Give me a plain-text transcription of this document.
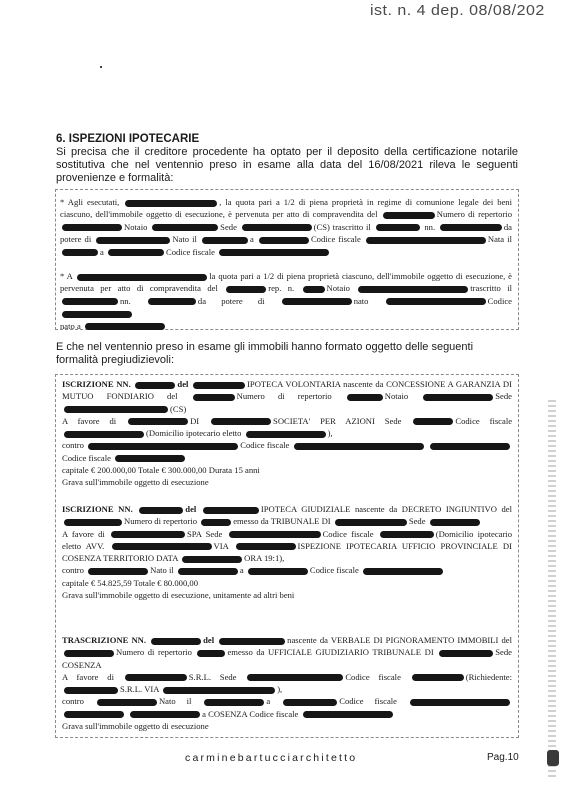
ist. n. 4 dep. 08/08/202
6. ISPEZIONI IPOTECARIE
Si precisa che il creditore procedente ha optato per il deposito della certificazione notarile sostitutiva che nel ventennio preso in esame alla data del 16/08/2021 rileva le seguenti provenienze e formalità:
* Agli esecutati,	, la quota pari a 1/2 di piena proprietà in regime di comunione legale dei beni ciascuno, dell'immobile oggetto di esecuzione, è pervenuta per atto di compravendita del	Numero di repertorio Notaio	Sede	(CS) trascritto il	nn.	da potere di	Nato il	a	Codice fiscale	Nata il a	Codice fiscale
* A	la quota pari a 1/2 di piena proprietà ciascuno, dell'immobile oggetto di esecuzione, è pervenuta per atto di compravendita del	rep. n.	Notaio	trascritto il nn.	da potere di	nato	Codice
nato a
E che nel ventennio preso in esame gli immobili hanno formato oggetto delle seguenti formalità pregiudizievoli:
ISCRIZIONE NN.	del	IPOTECA VOLONTARIA nascente da CONCESSIONE A GARANZIA DI MUTUO FONDIARIO del	Numero di repertorio	Notaio	Sede (CS)
A favore di	DI	SOCIETA' PER AZIONI Sede	Codice fiscale (Domicilio ipotecario eletto	),
contro	Codice fiscale  Codice fiscale
capitale € 200.000,00 Totale € 300.000,00 Durata 15 anni
Grava sull'immobile oggetto di esecuzione
ISCRIZIONE NN.	del	IPOTECA GIUDIZIALE nascente da DECRETO INGIUNTIVO del Numero di repertorio	emesso da TRIBUNALE DI	Sede
A favore di	SPA Sede	Codice fiscale	(Domicilio ipotecario eletto AVV.	VIA	ISPEZIONE IPOTECARIA UFFICIO PROVINCIALE DI COSENZA TERRITORIO DATA	ORA 19:1),
contro	Nato il	a	Codice fiscale
capitale € 54.825,59 Totale € 80.000,00
Grava sull'immobile oggetto di esecuzione, unitamente ad altri beni
TRASCRIZIONE NN.	del	nascente da VERBALE DI PIGNORAMENTO IMMOBILI del Numero di repertorio	emesso da UFFICIALE GIUDIZIARIO TRIBUNALE DI	Sede COSENZA
A favore di	S.R.L. Sede	Codice fiscale	(Richiedente: S.R.L. VIA	),
contro	Nato il	a	Codice fiscale   a COSENZA Codice fiscale
Grava sull'immobile oggetto di esecuzione
carminebartucciarchitetto	Pag.10
